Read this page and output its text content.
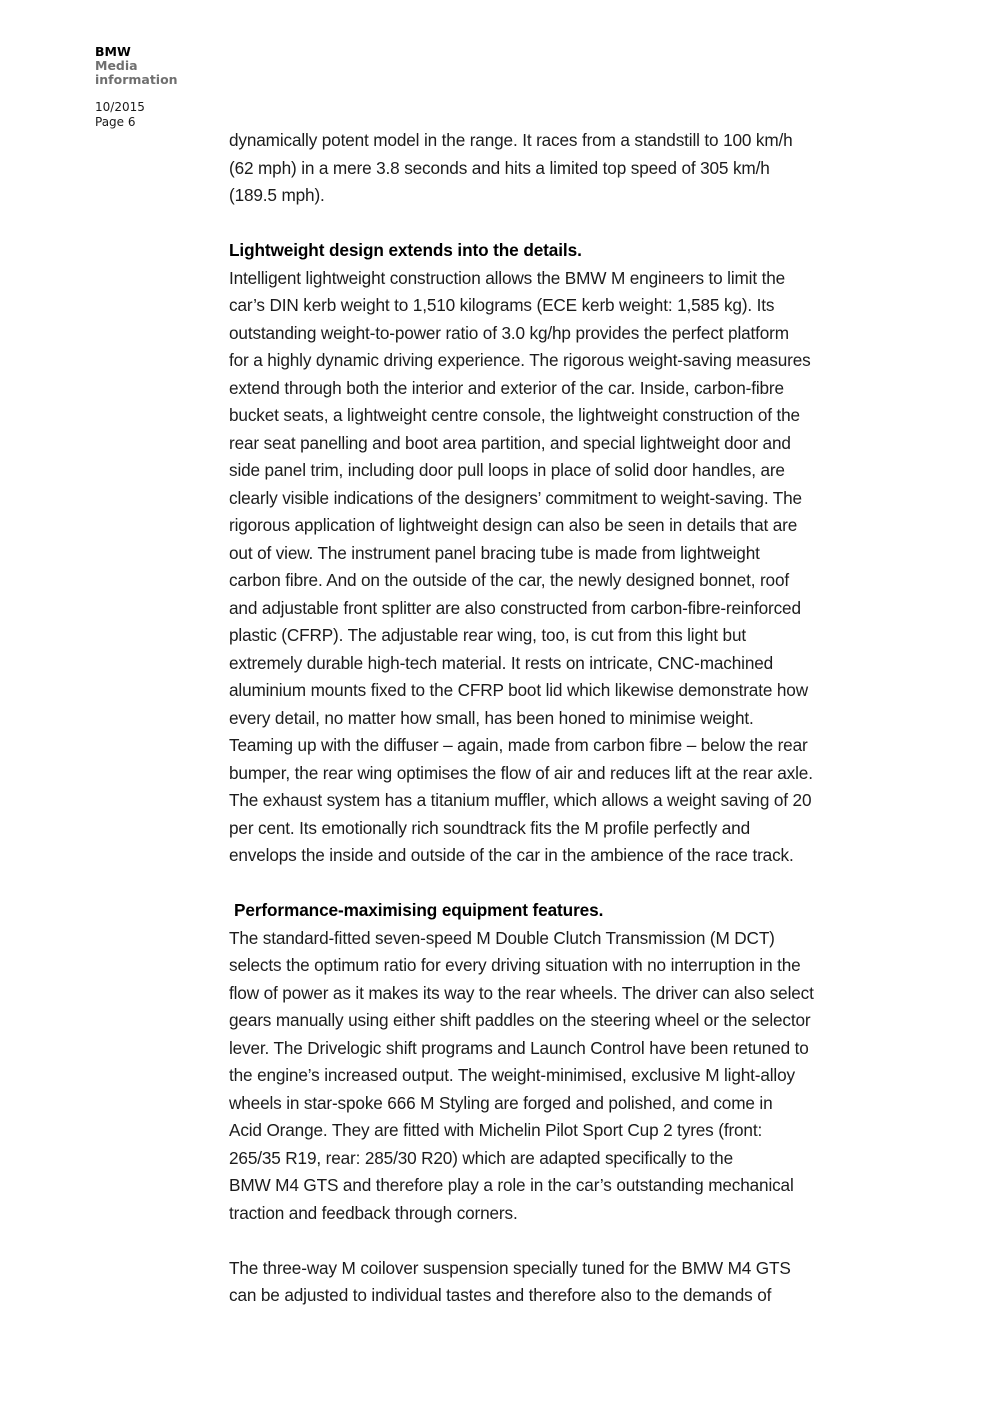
BMW
Media
information
10/2015
Page 6

dynamically potent model in the range. It races from a standstill to 100 km/h
(62 mph) in a mere 3.8 seconds and hits a limited top speed of 305 km/h
(189.5 mph).

Lightweight design extends into the details.

Intelligent lightweight construction allows the BMW M engineers to limit the
car’s DIN kerb weight to 1,510 kilograms (ECE kerb weight: 1,585 kg). Its
outstanding weight-to-power ratio of 3.0 kg/hp provides the perfect platform
for a highly dynamic driving experience. The rigorous weight-saving measures
extend through both the interior and exterior of the car. Inside, carbon-fibre
bucket seats, a lightweight centre console, the lightweight construction of the
rear seat panelling and boot area partition, and special lightweight door and
side panel trim, including door pull loops in place of solid door handles, are
clearly visible indications of the designers’ commitment to weight-saving. The
rigorous application of lightweight design can also be seen in details that are
out of view. The instrument panel bracing tube is made from lightweight
carbon fibre. And on the outside of the car, the newly designed bonnet, roof
and adjustable front splitter are also constructed from carbon-fibre-reinforced
plastic (CFRP). The adjustable rear wing, too, is cut from this light but
extremely durable high-tech material. It rests on intricate, CNC-machined
aluminium mounts fixed to the CFRP boot lid which likewise demonstrate how
every detail, no matter how small, has been honed to minimise weight.
Teaming up with the diffuser – again, made from carbon fibre – below the rear
bumper, the rear wing optimises the flow of air and reduces lift at the rear axle.
The exhaust system has a titanium muffler, which allows a weight saving of 20
per cent. Its emotionally rich soundtrack fits the M profile perfectly and
envelops the inside and outside of the car in the ambience of the race track.

Performance-maximising equipment features.

The standard-fitted seven-speed M Double Clutch Transmission (M DCT)
selects the optimum ratio for every driving situation with no interruption in the
flow of power as it makes its way to the rear wheels. The driver can also select
gears manually using either shift paddles on the steering wheel or the selector
lever. The Drivelogic shift programs and Launch Control have been retuned to
the engine’s increased output. The weight-minimised, exclusive M light-alloy
wheels in star-spoke 666 M Styling are forged and polished, and come in
Acid Orange. They are fitted with Michelin Pilot Sport Cup 2 tyres (front:
265/35 R19, rear: 285/30 R20) which are adapted specifically to the
BMW M4 GTS and therefore play a role in the car’s outstanding mechanical
traction and feedback through corners.

The three-way M coilover suspension specially tuned for the BMW M4 GTS
can be adjusted to individual tastes and therefore also to the demands of
